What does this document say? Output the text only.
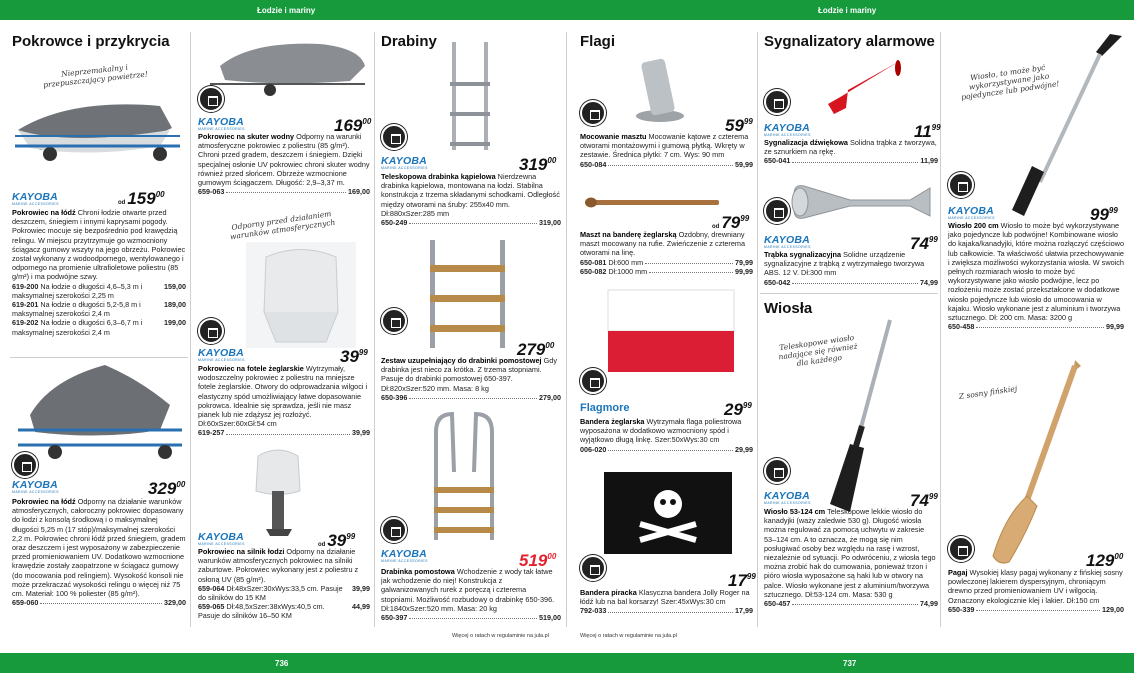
Łodzie i mariny	Łodzie i mariny
736	737
Pokrowce i przykrycia
Nieprzemakalny i przepuszczający powietrze!
KAYOBA
MARINE ACCESSORIES	od $159^{00}$
Pokrowiec na łódź Chroni łodzie otwarte przed deszczem, śniegiem i innymi kaprysami pogody. Pokrowiec mocuje się bezpośrednio pod krawędzią relingu. W miejscu przytrzymuje go wzmocniony ściągacz gumowy wszyty na jego obrzeżu. Pokrowiec został wykonany z wodoodpornego, wentylowanego i odpornego na promienie ultrafioletowe poliestru (85 g/m²) i ma podwójne szwy.
619-200 Na łodzie o długości 4,6–5,3 m i maksymalnej szerokości 2,25 m
159,00
619-201 Na łodzie o długości 5,2-5,8 m i maksymalnej szerokości 2,4 m
189,00
619-202 Na łodzie o długości 6,3–6,7 m i maksymalnej szerokości 2,4 m
199,00
KAYOBA
MARINE ACCESSORIES	$329^{00}$
Pokrowiec na łódź Odporny na działanie warunków atmosferycznych, całoroczny pokrowiec dopasowany do łodzi z konsolą środkową i o maksymalnej długości 5,25 m (17 stóp)/maksymalnej szerokości 2,2 m. Pokrowiec chroni łódź przed śniegiem, gradem oraz deszczem i jest wyposażony w zabezpieczenie przed promieniowaniem UV. Dodatkowo wzmocnione krawędzie zostały zaopatrzone w ściągacz gumowy (do mocowania pod relingiem). Wysokość konsoli nie może przekraczać wysokości relingu o więcej niż 75 cm. Materiał: 100 % poliester (85 g/m²).
659-060	329,00
KAYOBA
MARINE ACCESSORIES	$169^{00}$
Pokrowiec na skuter wodny Odporny na warunki atmosferyczne pokrowiec z poliestru (85 g/m²). Chroni przed gradem, deszczem i śniegiem. Dzięki specjalnej osłonie UV pokrowiec chroni skuter wodny również przed słońcem. Obrzeże wzmocnione gumowym ściągaczem. Długość: 2,9–3,37 m.
659-063	169,00
Odporny przed działaniem warunków atmosferycznych
KAYOBA
MARINE ACCESSORIES	$39^{99}$
Pokrowiec na fotele żeglarskie Wytrzymały, wodoszczelny pokrowiec z poliestru na mniejsze fotele żeglarskie. Otwory do odprowadzania wilgoci i elastyczny spód umożliwiający łatwe dopasowanie pokrowca. Idealnie się sprawdza, jeśli nie masz pianek lub nie zdążysz jej rozłożyć. Dł:60xSzer:60xGł:54 cm
619-257	39,99
KAYOBA
MARINE ACCESSORIES	od $39^{99}$
Pokrowiec na silnik łodzi Odporny na działanie warunków atmosferycznych pokrowiec na silniki zaburtowe. Pokrowiec wykonany jest z poliestru z osłoną UV (85 g/m²).
659-064 Dł:48xSzer:30xWys:33,5 cm. Pasuje do silników do 15 KM
39,99
659-065 Dł:48,5xSzer:38xWys:40,5 cm. Pasuje do silników 16–50 KM
44,99
Drabiny
KAYOBA
MARINE ACCESSORIES	$319^{00}$
Teleskopowa drabinka kąpielowa Nierdzewna drabinka kąpielowa, montowana na łodzi. Stabilna konstrukcja z trzema składanymi schodkami. Odległość między otworami na śruby: 255x40 mm. Dł:880xSzer:285 mm
650-249	319,00
$279^{00}$
Zestaw uzupełniający do drabinki pomostowej Gdy drabinka jest nieco za krótka. Z trzema stopniami. Pasuje do drabinki pomostowej 650-397. Dł:820xSzer:520 mm. Masa: 8 kg
650-396	279,00
KAYOBA
MARINE ACCESSORIES	$519^{00}$
Drabinka pomostowa Wchodzenie z wody tak łatwe jak wchodzenie do niej! Konstrukcja z galwanizowanych rurek z poręczą i czterema stopniami. Możliwość rozbudowy o drabinkę 650-396. Dł:1840xSzer:520 mm. Masa: 20 kg
650-397	519,00
Więcej o ratach w regulaminie na jula.pl
Flagi
$59^{99}$
Mocowanie masztu Mocowanie kątowe z czterema otworami montażowymi i gumową płytką. Wkręty w zestawie. Średnica płytki: 7 cm. Wys: 90 mm
650-084	59,99
od $79^{99}$
Maszt na banderę żeglarską Ozdobny, drewniany maszt mocowany na rufie. Zwieńczenie z czterema otworami na linę.
650-081 Dł:600 mm	79,99
650-082 Dł:1000 mm	99,99
Flagmore	$29^{99}$
Bandera żeglarska Wytrzymała flaga poliestrowa wyposażona w dodatkowo wzmocniony spód i wyjątkowo długą linkę. Szer:50xWys:30 cm
006-020	29,99
$17^{99}$
Bandera piracka Klasyczna bandera Jolly Roger na łódź lub na bal korsarzy! Szer:45xWys:30 cm
792-033	17,99
Więcej o ratach w regulaminie na jula.pl
Sygnalizatory alarmowe
KAYOBA
MARINE ACCESSORIES	$11^{99}$
Sygnalizacja dźwiękowa Solidna trąbka z tworzywa, ze sznurkiem na rękę.
650-041	11,99
KAYOBA
MARINE ACCESSORIES	$74^{99}$
Trąbka sygnalizacyjna Solidne urządzenie sygnalizacyjne z trąbką z wytrzymałego tworzywa ABS. 12 V. Dł:300 mm
650-042	74,99
Wiosła
Teleskopowe wiosło nadające się również dla każdego
KAYOBA
MARINE ACCESSORIES	$74^{99}$
Wiosło 53-124 cm Teleskopowe lekkie wiosło do kanadyjki (waży zaledwie 530 g). Długość wiosła można regulować za pomocą uchwytu w zakresie 53–124 cm. A to oznacza, że mogą się nim posługiwać osoby bez względu na rasę i wzrost, niezależnie od sytuacji. Po odwróceniu, z wiosła tego można zrobić hak do cumowania, ponieważ trzon i pióro wiosła wyposażone są haki lub w otwory na palce. Wiosło wykonane jest z aluminium/tworzywa sztucznego. Dł:53-124 cm. Masa: 530 g
650-457	74,99
Wiosło, to może być wykorzystywane jako pojedyncze lub podwójne!
KAYOBA
MARINE ACCESSORIES	$99^{99}$
Wiosło 200 cm Wiosło to może być wykorzystywane jako pojedyncze lub podwójne! Kombinowane wiosło do kajaka/kanadyjki, które można rozłączyć częściowo lub całkowicie. Ta właściwość ułatwia przechowywanie i zwiększa możliwości wykorzystania wiosła. W swoich pełnych rozmiarach wiosło to może być wykorzystywane jako wiosło podwójne, lecz po rozłożeniu może zostać przekształcone w dodatkowe wiosło pojedyncze lub wiosło do umocowania w kajaku. Wiosło wykonane jest z aluminium i tworzywa sztucznego. Dł: 200 cm. Masa: 3200 g
650-458	99,99
Z sosny fińskiej
$129^{00}$
Pagaj Wysokiej klasy pagaj wykonany z fińskiej sosny powleczonej lakierem dyspersyjnym, chroniącym drewno przed promieniowaniem UV i wilgocią. Oznaczony ekologicznie klej i lakier. Dł:150 cm
650-339	129,00
